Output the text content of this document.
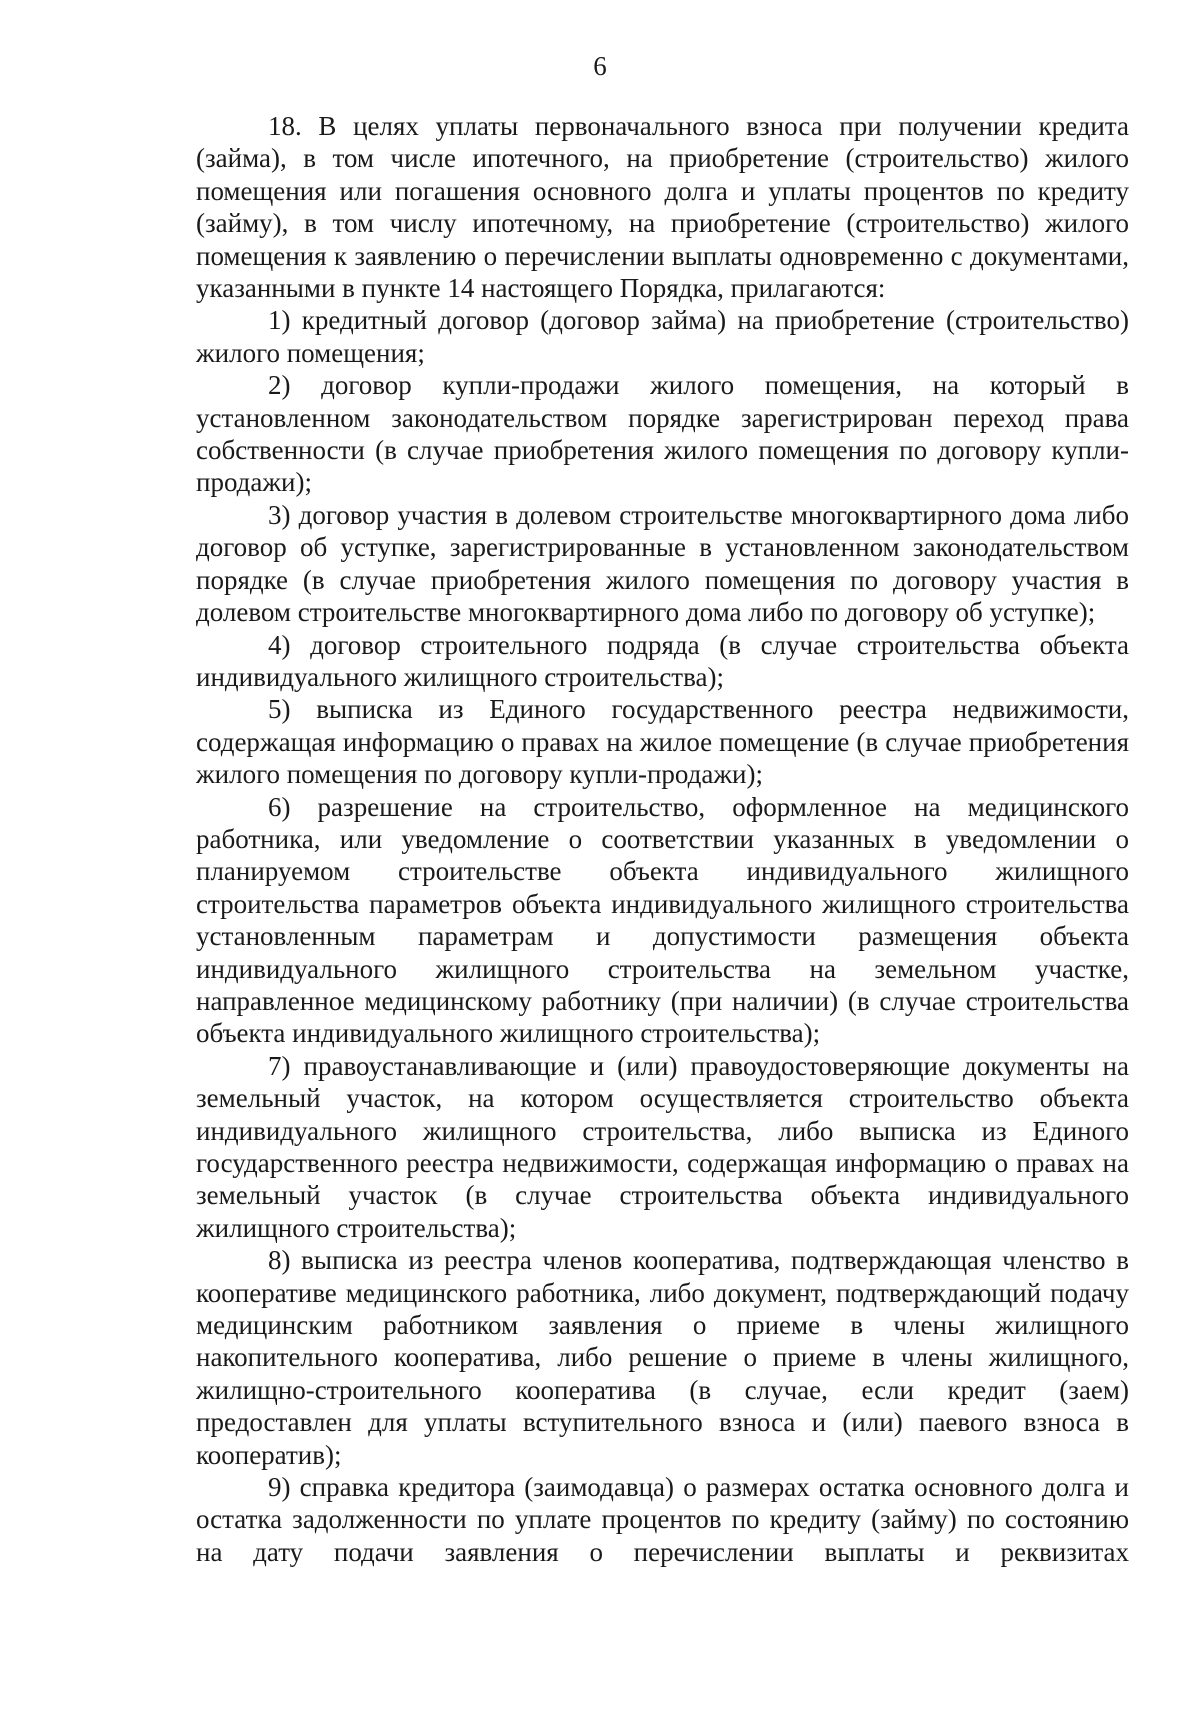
6

18. В целях уплаты первоначального взноса при получении кредита (займа), в том числе ипотечного, на приобретение (строительство) жилого помещения или погашения основного долга и уплаты процентов по кредиту (займу), в том числу ипотечному, на приобретение (строительство) жилого помещения к заявлению о перечислении выплаты одновременно с документами, указанными в пункте 14 настоящего Порядка, прилагаются:

1) кредитный договор (договор займа) на приобретение (строительство) жилого помещения;

2) договор купли-продажи жилого помещения, на который в установленном законодательством порядке зарегистрирован переход права собственности (в случае приобретения жилого помещения по договору купли-продажи);

3) договор участия в долевом строительстве многоквартирного дома либо договор об уступке, зарегистрированные в установленном законодательством порядке (в случае приобретения жилого помещения по договору участия в долевом строительстве многоквартирного дома либо по договору об уступке);

4) договор строительного подряда (в случае строительства объекта индивидуального жилищного строительства);

5) выписка из Единого государственного реестра недвижимости, содержащая информацию о правах на жилое помещение (в случае приобретения жилого помещения по договору купли-продажи);

6) разрешение на строительство, оформленное на медицинского работника, или уведомление о соответствии указанных в уведомлении о планируемом строительстве объекта индивидуального жилищного строительства параметров объекта индивидуального жилищного строительства установленным параметрам и допустимости размещения объекта индивидуального жилищного строительства на земельном участке, направленное медицинскому работнику (при наличии) (в случае строительства объекта индивидуального жилищного строительства);

7) правоустанавливающие и (или) правоудостоверяющие документы на земельный участок, на котором осуществляется строительство объекта индивидуального жилищного строительства, либо выписка из Единого государственного реестра недвижимости, содержащая информацию о правах на земельный участок (в случае строительства объекта индивидуального жилищного строительства);

8) выписка из реестра членов кооператива, подтверждающая членство в кооперативе медицинского работника, либо документ, подтверждающий подачу медицинским работником заявления о приеме в члены жилищного накопительного кооператива, либо решение о приеме в члены жилищного, жилищно-строительного кооператива (в случае, если кредит (заем) предоставлен для уплаты вступительного взноса и (или) паевого взноса в кооператив);

9) справка кредитора (заимодавца) о размерах остатка основного долга и остатка задолженности по уплате процентов по кредиту (займу) по состоянию на дату подачи заявления о перечислении выплаты и реквизитах
